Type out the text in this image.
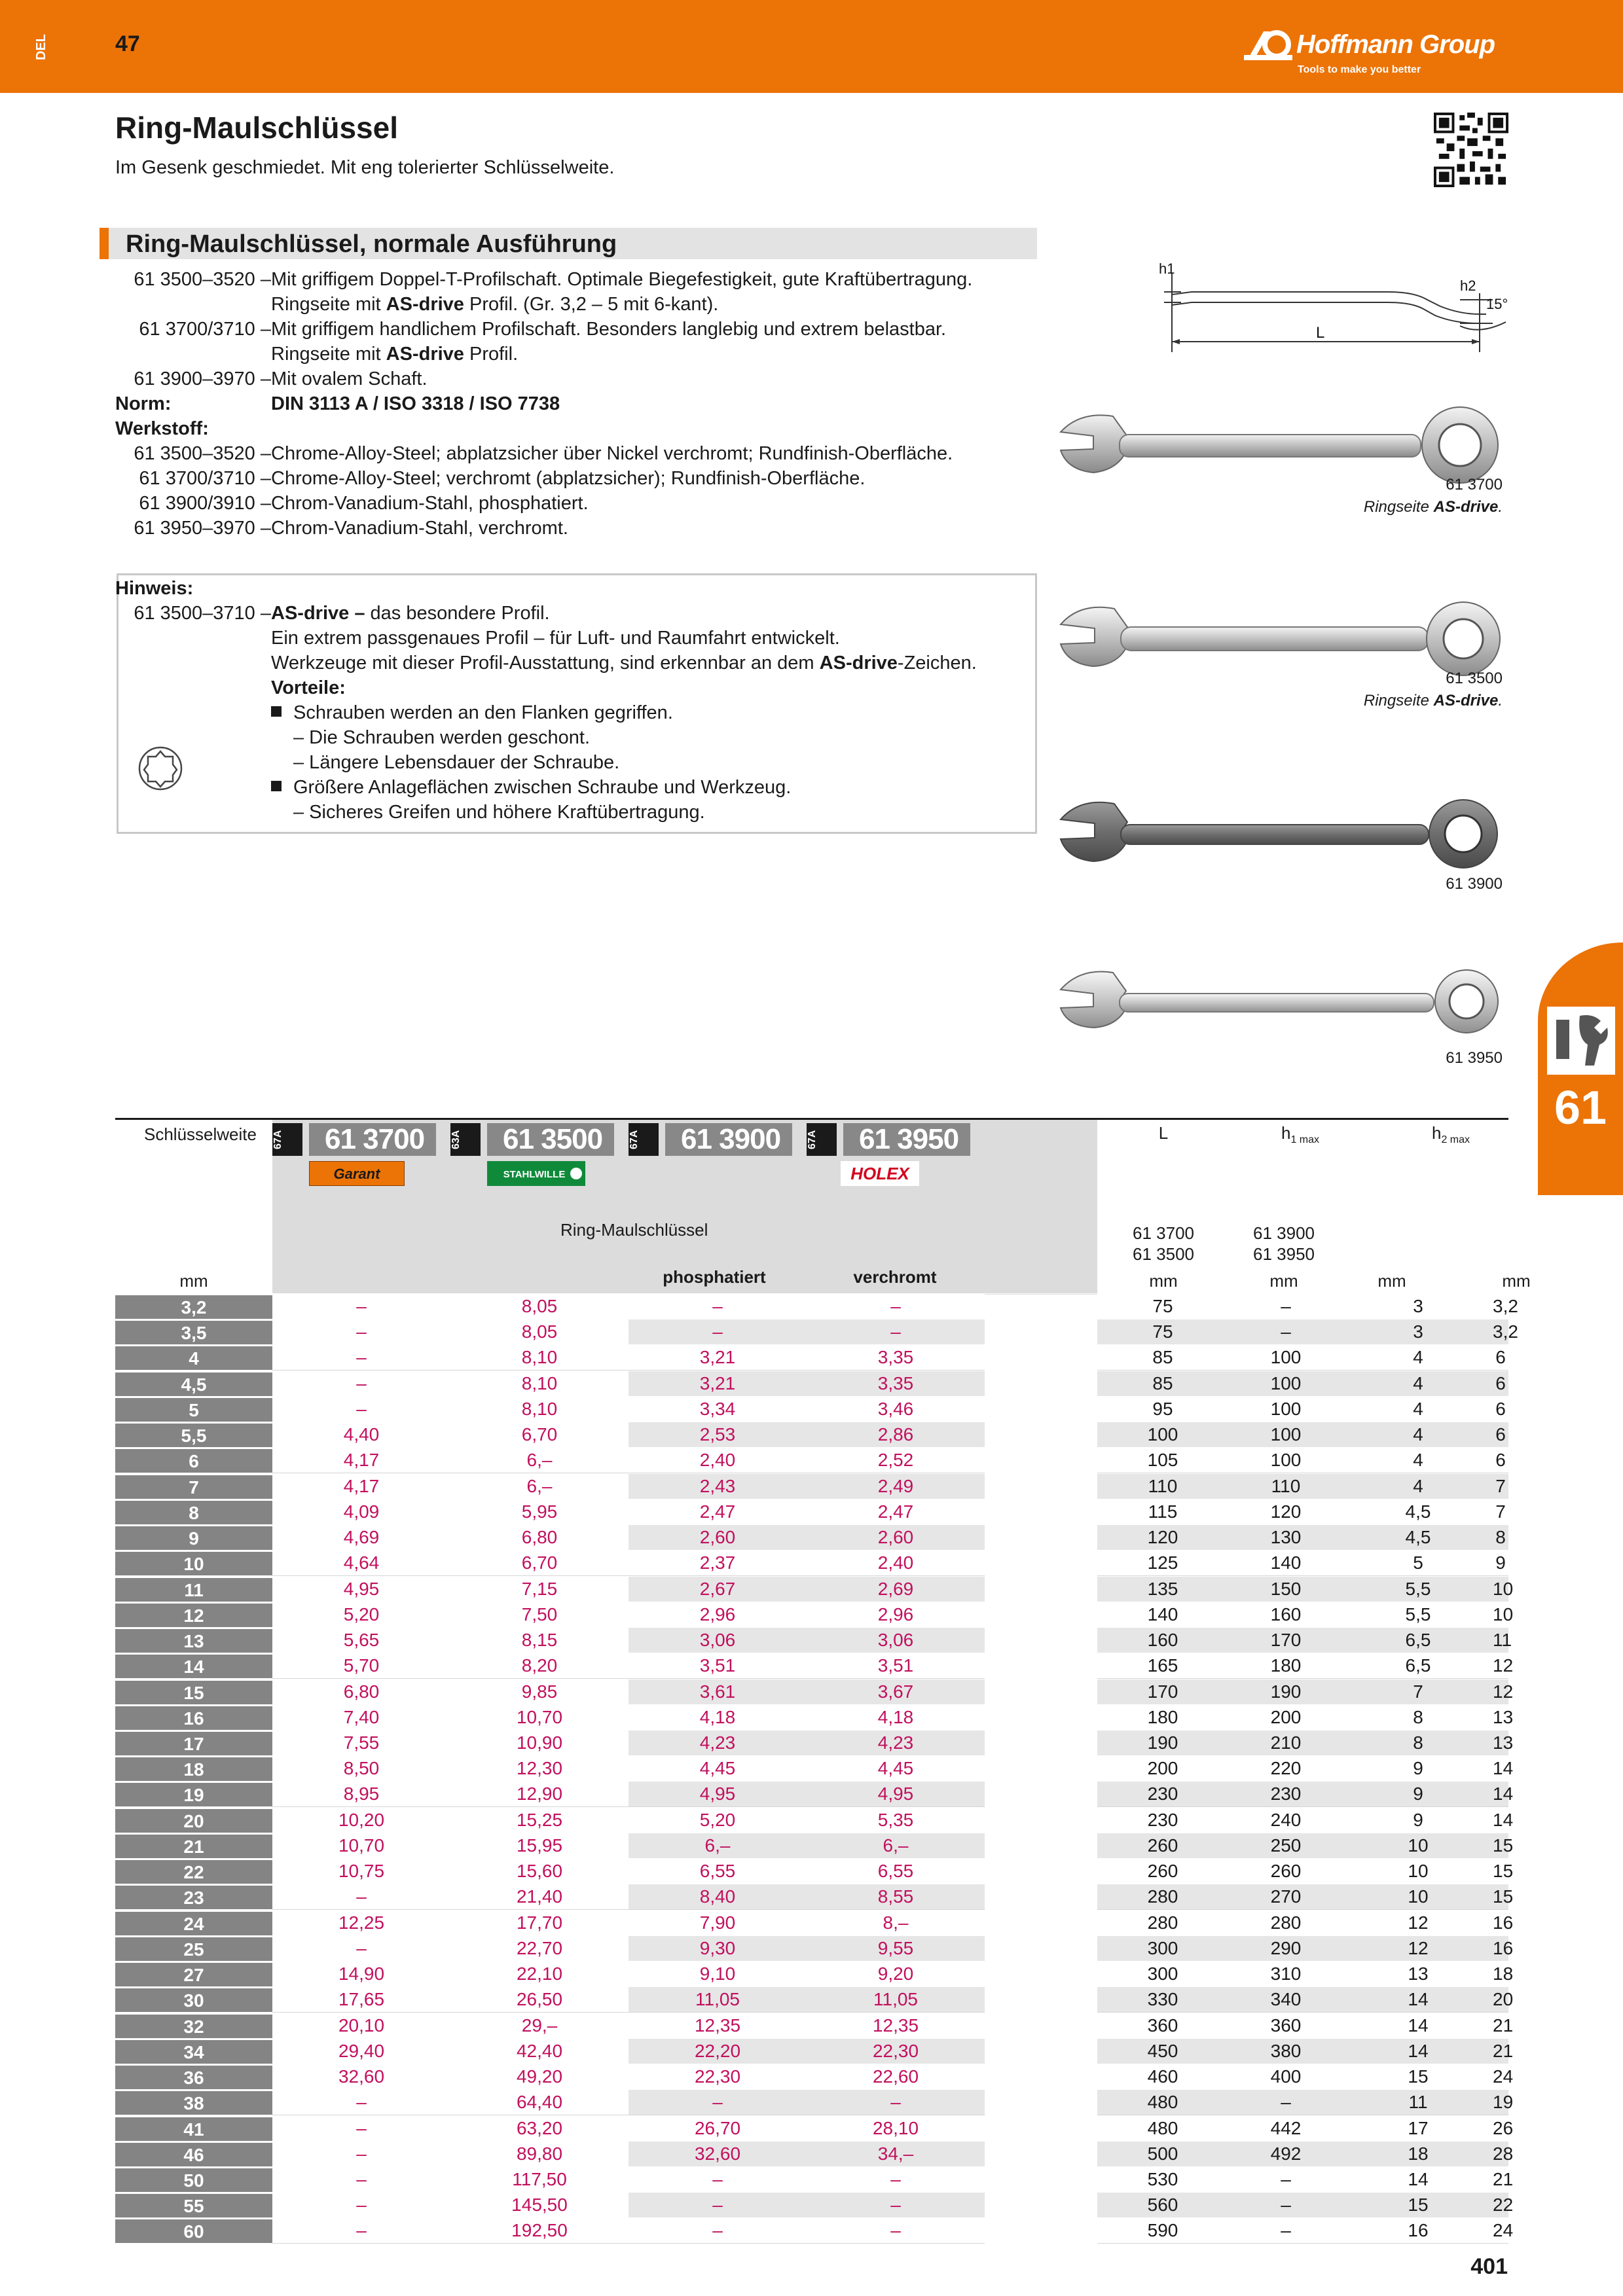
DEL	47	Hoffmann Group
Tools to make you better
Ring-Maulschlüssel
Im Gesenk geschmiedet. Mit eng tolerierter Schlüsselweite.
Ring-Maulschlüssel, normale Ausführung
61 3500–3520 – Mit griffigem Doppel-T-Profilschaft. Optimale Biegefestigkeit, gute Kraftübertragung.
Ringseite mit AS-drive Profil. (Gr. 3,2 – 5 mit 6-kant).
61 3700/3710 – Mit griffigem handlichem Profilschaft. Besonders langlebig und extrem belastbar.
Ringseite mit AS-drive Profil.
61 3900–3970 – Mit ovalem Schaft.
Norm:	DIN 3113 A / ISO 3318 / ISO 7738
Werkstoff:
61 3500–3520 – Chrome-Alloy-Steel; abplatzsicher über Nickel verchromt; Rundfinish-Oberfläche.
61 3700/3710 – Chrome-Alloy-Steel; verchromt (abplatzsicher); Rundfinish-Oberfläche.
61 3900/3910 – Chrom-Vanadium-Stahl, phosphatiert.
61 3950–3970 – Chrom-Vanadium-Stahl, verchromt.
Hinweis:
61 3500–3710 – AS-drive – das besondere Profil.
Ein extrem passgenaues Profil – für Luft- und Raumfahrt entwickelt.
Werkzeuge mit dieser Profil-Ausstattung, sind erkennbar an dem AS-drive-Zeichen.
Vorteile:
Schrauben werden an den Flanken gegriffen.
– Die Schrauben werden geschont.
– Längere Lebensdauer der Schraube.
Größere Anlageflächen zwischen Schraube und Werkzeug.
– Sicheres Greifen und höhere Kraftübertragung.
h1
h2
L
15°
61 3700
Ringseite AS-drive.
61 3500
Ringseite AS-drive.
61 3900
61 3950
61
Schlüsselweite 67A	61 3700	63A	61 3500	67A	61 3900	67A	61 3950
Garant	STAHLWILLE	HOLEX
L	$h_{1 max}$	$h_{2 max}$
Ring-Maulschlüssel
phosphatiert	verchromt
61 3700
61 3500
61 3900
61 3950
mm	mm	mm	mm	mm
3,2	–	8,05	–	–	75	–	3	3,2
3,5	–	8,05	–	–	75	–	3	3,2
4	–	8,10	3,21	3,35	85	100	4	6
4,5	–	8,10	3,21	3,35	85	100	4	6
5	–	8,10	3,34	3,46	95	100	4	6
5,5	4,40	6,70	2,53	2,86	100	100	4	6
6	4,17	6,–	2,40	2,52	105	100	4	6
7	4,17	6,–	2,43	2,49	110	110	4	7
8	4,09	5,95	2,47	2,47	115	120	4,5	7
9	4,69	6,80	2,60	2,60	120	130	4,5	8
10	4,64	6,70	2,37	2,40	125	140	5	9
11	4,95	7,15	2,67	2,69	135	150	5,5	10
12	5,20	7,50	2,96	2,96	140	160	5,5	10
13	5,65	8,15	3,06	3,06	160	170	6,5	11
14	5,70	8,20	3,51	3,51	165	180	6,5	12
15	6,80	9,85	3,61	3,67	170	190	7	12
16	7,40	10,70	4,18	4,18	180	200	8	13
17	7,55	10,90	4,23	4,23	190	210	8	13
18	8,50	12,30	4,45	4,45	200	220	9	14
19	8,95	12,90	4,95	4,95	230	230	9	14
20	10,20	15,25	5,20	5,35	230	240	9	14
21	10,70	15,95	6,–	6,–	260	250	10	15
22	10,75	15,60	6,55	6,55	260	260	10	15
23	–	21,40	8,40	8,55	280	270	10	15
24	12,25	17,70	7,90	8,–	280	280	12	16
25	–	22,70	9,30	9,55	300	290	12	16
27	14,90	22,10	9,10	9,20	300	310	13	18
30	17,65	26,50	11,05	11,05	330	340	14	20
32	20,10	29,–	12,35	12,35	360	360	14	21
34	29,40	42,40	22,20	22,30	450	380	14	21
36	32,60	49,20	22,30	22,60	460	400	15	24
38	–	64,40	–	–	480	–	11	19
41	–	63,20	26,70	28,10	480	442	17	26
46	–	89,80	32,60	34,–	500	492	18	28
50	–	117,50	–	–	530	–	14	21
55	–	145,50	–	–	560	–	15	22
60	–	192,50	–	–	590	–	16	24
401
